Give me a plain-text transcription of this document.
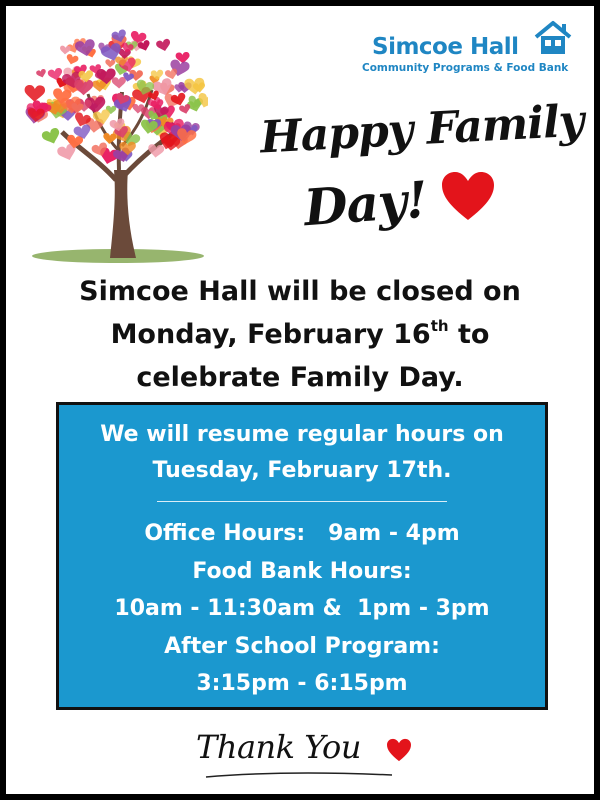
Simcoe Hall
Community Programs & Food Bank
Happy Family
Day!
Simcoe Hall will be closed on
Monday, February 16th to
celebrate Family Day.
We will resume regular hours on
Tuesday, February 17th.
Office Hours:   9am - 4pm
Food Bank Hours:
10am - 11:30am &  1pm - 3pm
After School Program:
3:15pm - 6:15pm
Thank You
